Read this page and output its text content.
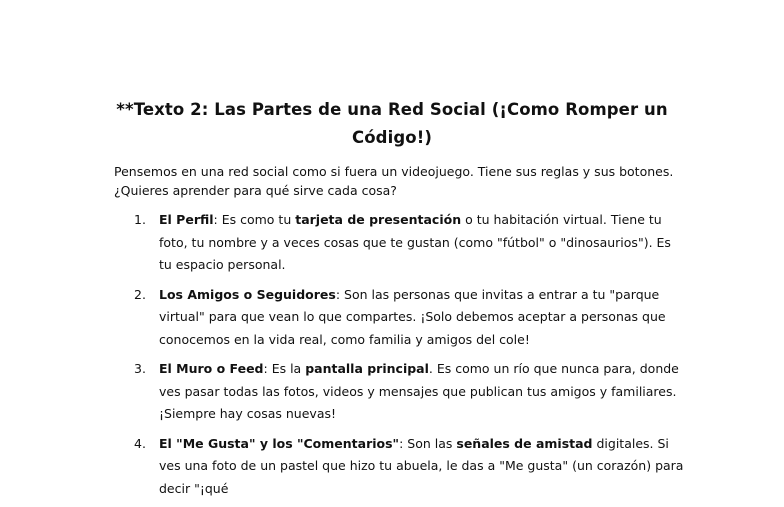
**Texto 2: Las Partes de una Red Social (¡Como Romper un Código!)

Pensemos en una red social como si fuera un videojuego. Tiene sus reglas y sus botones. ¿Quieres aprender para qué sirve cada cosa?

1. El Perfil: Es como tu tarjeta de presentación o tu habitación virtual. Tiene tu foto, tu nombre y a veces cosas que te gustan (como "fútbol" o "dinosaurios"). Es tu espacio personal.
2. Los Amigos o Seguidores: Son las personas que invitas a entrar a tu "parque virtual" para que vean lo que compartes. ¡Solo debemos aceptar a personas que conocemos en la vida real, como familia y amigos del cole!
3. El Muro o Feed: Es la pantalla principal. Es como un río que nunca para, donde ves pasar todas las fotos, videos y mensajes que publican tus amigos y familiares. ¡Siempre hay cosas nuevas!
4. El "Me Gusta" y los "Comentarios": Son las señales de amistad digitales. Si ves una foto de un pastel que hizo tu abuela, le das a "Me gusta" (un corazón) para decir "¡qué
